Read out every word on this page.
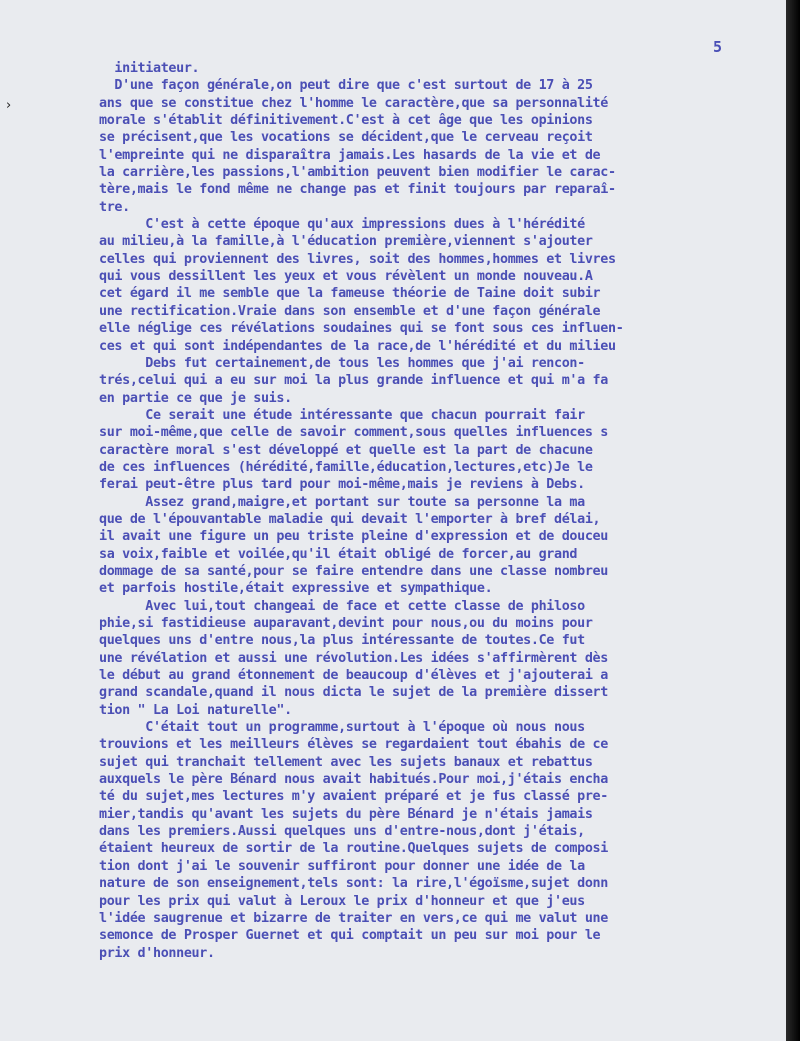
5
›
initiateur.
D'une façon générale,on peut dire que c'est surtout de 17 à 25
ans que se constitue chez l'homme le caractère,que sa personnalité
morale s'établit définitivement.C'est à cet âge que les opinions
se précisent,que les vocations se décident,que le cerveau reçoit
l'empreinte qui ne disparaîtra jamais.Les hasards de la vie et de
la carrière,les passions,l'ambition peuvent bien modifier le carac-
tère,mais le fond même ne change pas et finit toujours par reparaî-
tre.
C'est à cette époque qu'aux impressions dues à l'hérédité
au milieu,à la famille,à l'éducation première,viennent s'ajouter
celles qui proviennent des livres, soit des hommes,hommes et livres
qui vous dessillent les yeux et vous révèlent un monde nouveau.A
cet égard il me semble que la fameuse théorie de Taine doit subir
une rectification.Vraie dans son ensemble et d'une façon générale
elle néglige ces révélations soudaines qui se font sous ces influen-
ces et qui sont indépendantes de la race,de l'hérédité et du milieu
Debs fut certainement,de tous les hommes que j'ai rencon-
trés,celui qui a eu sur moi la plus grande influence et qui m'a fa
en partie ce que je suis.
Ce serait une étude intéressante que chacun pourrait fair
sur moi-même,que celle de savoir comment,sous quelles influences s
caractère moral s'est développé et quelle est la part de chacune
de ces influences (hérédité,famille,éducation,lectures,etc)Je le
ferai peut-être plus tard pour moi-même,mais je reviens à Debs.
Assez grand,maigre,et portant sur toute sa personne la ma
que de l'épouvantable maladie qui devait l'emporter à bref délai,
il avait une figure un peu triste pleine d'expression et de douceu
sa voix,faible et voilée,qu'il était obligé de forcer,au grand
dommage de sa santé,pour se faire entendre dans une classe nombreu
et parfois hostile,était expressive et sympathique.
Avec lui,tout changeai de face et cette classe de philoso
phie,si fastidieuse auparavant,devint pour nous,ou du moins pour
quelques uns d'entre nous,la plus intéressante de toutes.Ce fut
une révélation et aussi une révolution.Les idées s'affirmèrent dès
le début au grand étonnement de beaucoup d'élèves et j'ajouterai a
grand scandale,quand il nous dicta le sujet de la première dissert
tion " La Loi naturelle".
C'était tout un programme,surtout à l'époque où nous nous
trouvions et les meilleurs élèves se regardaient tout ébahis de ce
sujet qui tranchait tellement avec les sujets banaux et rebattus
auxquels le père Bénard nous avait habitués.Pour moi,j'étais encha
té du sujet,mes lectures m'y avaient préparé et je fus classé pre-
mier,tandis qu'avant les sujets du père Bénard je n'étais jamais
dans les premiers.Aussi quelques uns d'entre-nous,dont j'étais,
étaient heureux de sortir de la routine.Quelques sujets de composi
tion dont j'ai le souvenir suffiront pour donner une idée de la
nature de son enseignement,tels sont: la rire,l'égoïsme,sujet donn
pour les prix qui valut à Leroux le prix d'honneur et que j'eus
l'idée saugrenue et bizarre de traiter en vers,ce qui me valut une
semonce de Prosper Guernet et qui comptait un peu sur moi pour le
prix d'honneur.
